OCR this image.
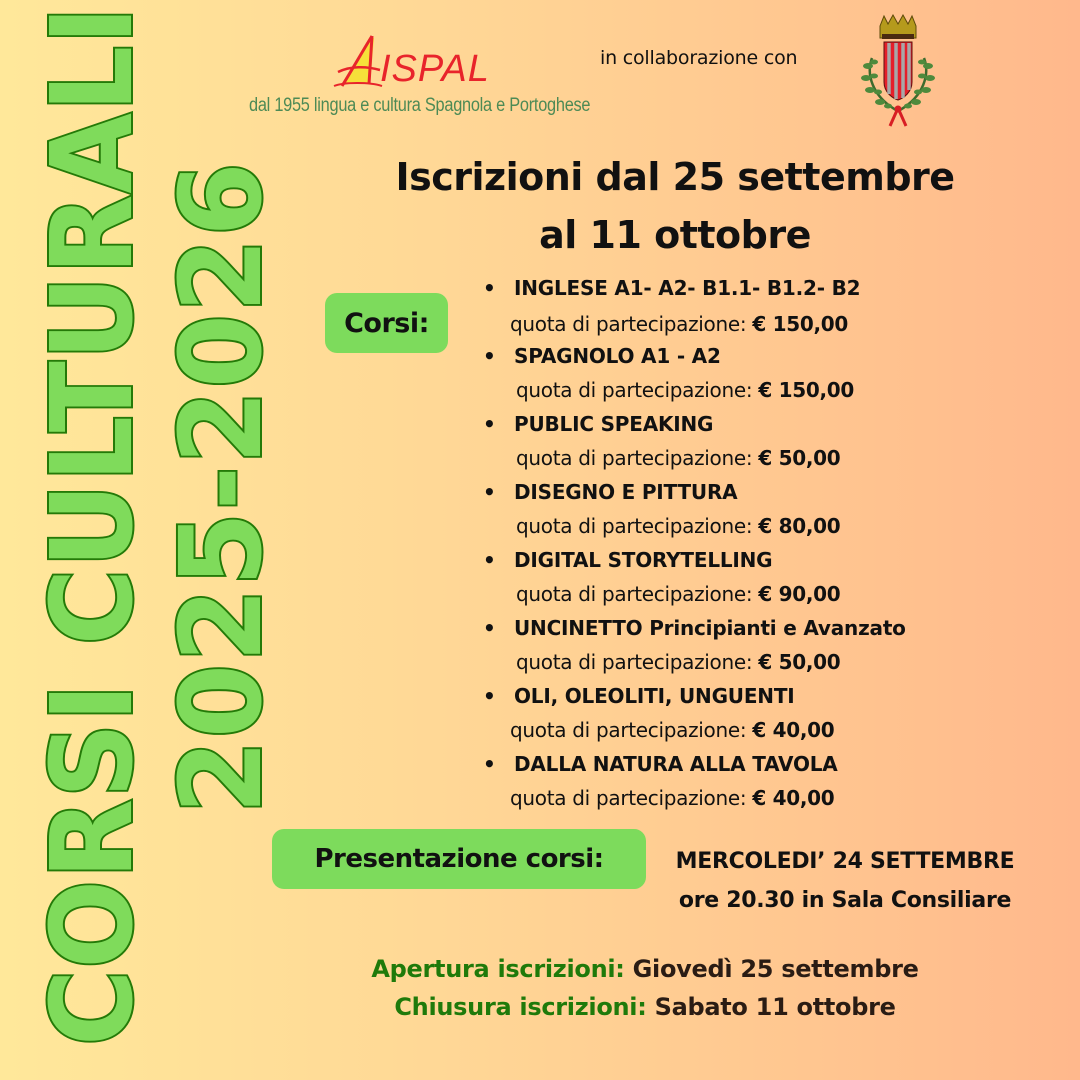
CORSI CULTURALI 2025-2026
ISPAL
dal 1955 lingua e cultura Spagnola e Portoghese
in collaborazione con
Iscrizioni dal 25 settembre
al 11 ottobre
Corsi:
• INGLESE A1- A2- B1.1- B1.2- B2
quota di partecipazione: € 150,00
• SPAGNOLO A1 - A2
quota di partecipazione: € 150,00
• PUBLIC SPEAKING
quota di partecipazione: € 50,00
• DISEGNO E PITTURA
quota di partecipazione: € 80,00
• DIGITAL STORYTELLING
quota di partecipazione: € 90,00
• UNCINETTO Principianti e Avanzato
quota di partecipazione: € 50,00
• OLI, OLEOLITI, UNGUENTI
quota di partecipazione: € 40,00
• DALLA NATURA ALLA TAVOLA
quota di partecipazione: € 40,00
Presentazione corsi:	MERCOLEDI’ 24 SETTEMBRE
ore 20.30 in Sala Consiliare
Apertura iscrizioni: Giovedì 25 settembre
Chiusura iscrizioni: Sabato 11 ottobre
